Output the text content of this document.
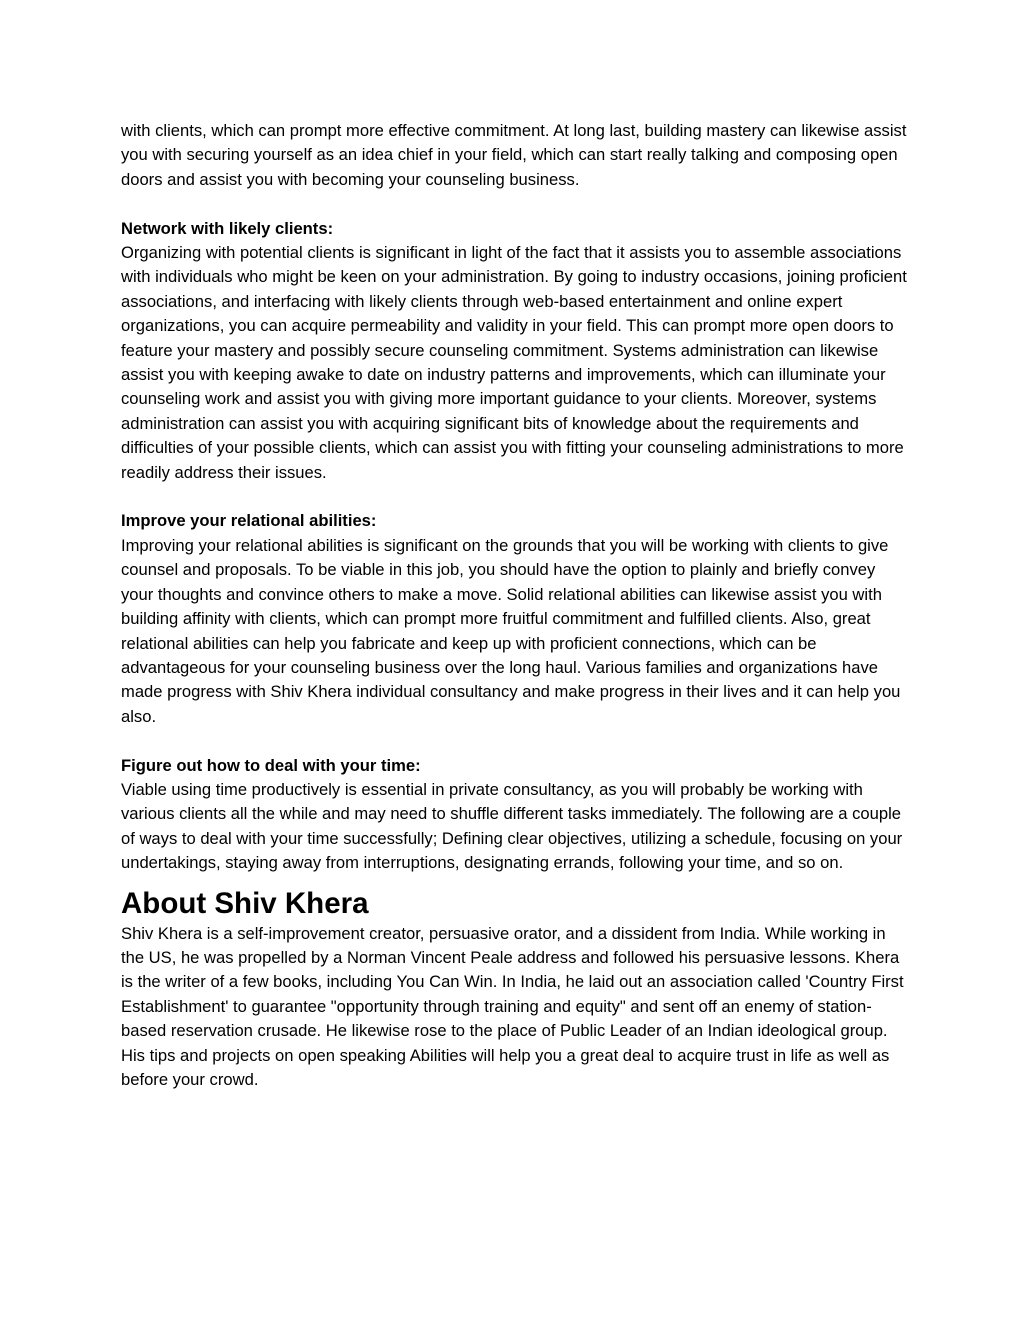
with clients, which can prompt more effective commitment. At long last, building mastery can likewise assist you with securing yourself as an idea chief in your field, which can start really talking and composing open doors and assist you with becoming your counseling business.

Network with likely clients:

Organizing with potential clients is significant in light of the fact that it assists you to assemble associations with individuals who might be keen on your administration. By going to industry occasions, joining proficient associations, and interfacing with likely clients through web-based entertainment and online expert organizations, you can acquire permeability and validity in your field. This can prompt more open doors to feature your mastery and possibly secure counseling commitment. Systems administration can likewise assist you with keeping awake to date on industry patterns and improvements, which can illuminate your counseling work and assist you with giving more important guidance to your clients. Moreover, systems administration can assist you with acquiring significant bits of knowledge about the requirements and difficulties of your possible clients, which can assist you with fitting your counseling administrations to more readily address their issues.

Improve your relational abilities:

Improving your relational abilities is significant on the grounds that you will be working with clients to give counsel and proposals. To be viable in this job, you should have the option to plainly and briefly convey your thoughts and convince others to make a move. Solid relational abilities can likewise assist you with building affinity with clients, which can prompt more fruitful commitment and fulfilled clients. Also, great relational abilities can help you fabricate and keep up with proficient connections, which can be advantageous for your counseling business over the long haul. Various families and organizations have made progress with Shiv Khera individual consultancy and make progress in their lives and it can help you also.

Figure out how to deal with your time:

Viable using time productively is essential in private consultancy, as you will probably be working with various clients all the while and may need to shuffle different tasks immediately. The following are a couple of ways to deal with your time successfully; Defining clear objectives, utilizing a schedule, focusing on your undertakings, staying away from interruptions, designating errands, following your time, and so on.

About Shiv Khera

Shiv Khera is a self-improvement creator, persuasive orator, and a dissident from India. While working in the US, he was propelled by a Norman Vincent Peale address and followed his persuasive lessons. Khera is the writer of a few books, including You Can Win. In India, he laid out an association called 'Country First Establishment' to guarantee "opportunity through training and equity" and sent off an enemy of station-based reservation crusade. He likewise rose to the place of Public Leader of an Indian ideological group. His tips and projects on open speaking Abilities will help you a great deal to acquire trust in life as well as before your crowd.
